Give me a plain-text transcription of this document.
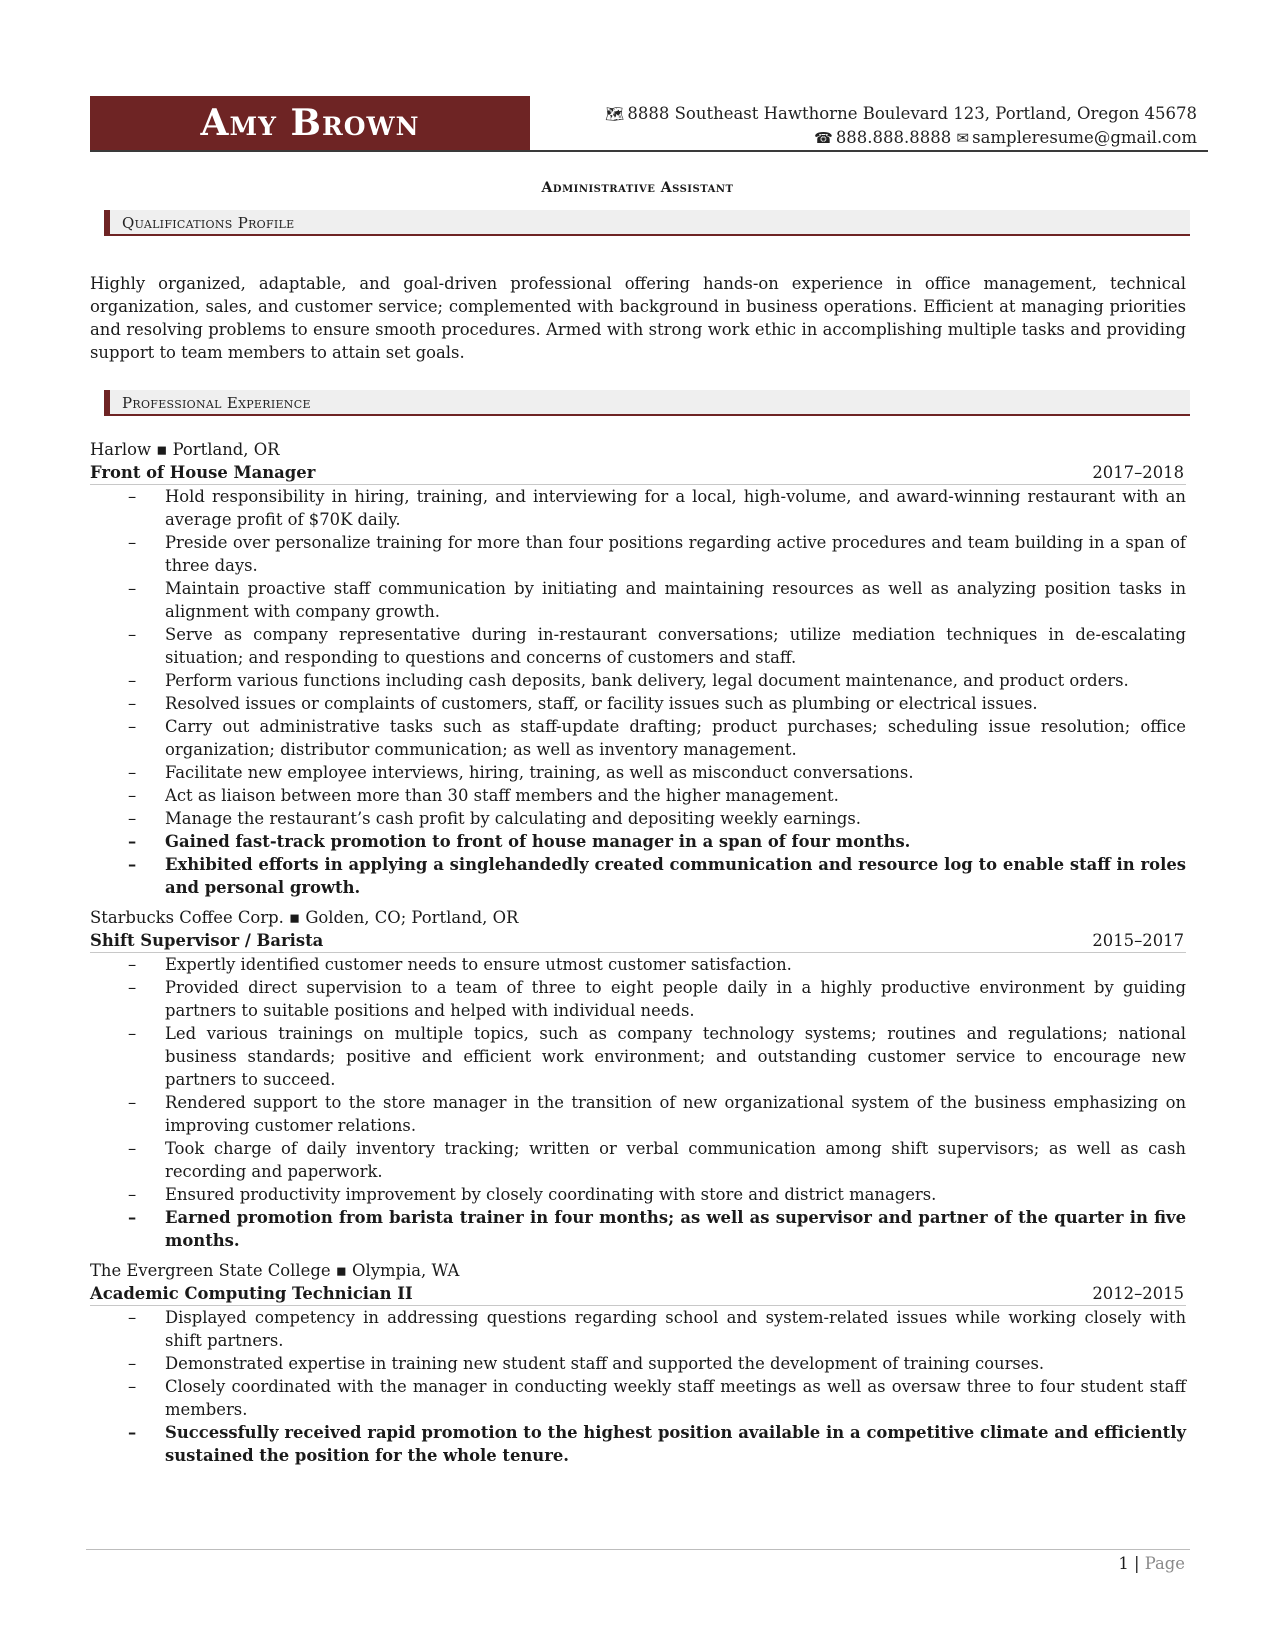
Amy Brown	🗺 8888 Southeast Hawthorne Boulevard 123, Portland, Oregon 45678
☎ 888.888.8888 ✉ sampleresume@gmail.com
Administrative Assistant
Qualifications Profile

Highly organized, adaptable, and goal-driven professional offering hands-on experience in office management, technical organization, sales, and customer service; complemented with background in business operations. Efficient at managing priorities and resolving problems to ensure smooth procedures. Armed with strong work ethic in accomplishing multiple tasks and providing support to team members to attain set goals.

Professional Experience
Harlow ▪ Portland, OR
Front of House Manager	2017–2018
– Hold responsibility in hiring, training, and interviewing for a local, high-volume, and award-winning restaurant with an average profit of $70K daily.
– Preside over personalize training for more than four positions regarding active procedures and team building in a span of three days.
– Maintain proactive staff communication by initiating and maintaining resources as well as analyzing position tasks in alignment with company growth.
– Serve as company representative during in-restaurant conversations; utilize mediation techniques in de-escalating situation; and responding to questions and concerns of customers and staff.
– Perform various functions including cash deposits, bank delivery, legal document maintenance, and product orders.
– Resolved issues or complaints of customers, staff, or facility issues such as plumbing or electrical issues.
– Carry out administrative tasks such as staff-update drafting; product purchases; scheduling issue resolution; office organization; distributor communication; as well as inventory management.
– Facilitate new employee interviews, hiring, training, as well as misconduct conversations.
– Act as liaison between more than 30 staff members and the higher management.
– Manage the restaurant’s cash profit by calculating and depositing weekly earnings.
– Gained fast-track promotion to front of house manager in a span of four months.
– Exhibited efforts in applying a singlehandedly created communication and resource log to enable staff in roles and personal growth.
Starbucks Coffee Corp. ▪ Golden, CO; Portland, OR
Shift Supervisor / Barista	2015–2017
– Expertly identified customer needs to ensure utmost customer satisfaction.
– Provided direct supervision to a team of three to eight people daily in a highly productive environment by guiding partners to suitable positions and helped with individual needs.
– Led various trainings on multiple topics, such as company technology systems; routines and regulations; national business standards; positive and efficient work environment; and outstanding customer service to encourage new partners to succeed.
– Rendered support to the store manager in the transition of new organizational system of the business emphasizing on improving customer relations.
– Took charge of daily inventory tracking; written or verbal communication among shift supervisors; as well as cash recording and paperwork.
– Ensured productivity improvement by closely coordinating with store and district managers.
– Earned promotion from barista trainer in four months; as well as supervisor and partner of the quarter in five months.
The Evergreen State College ▪ Olympia, WA
Academic Computing Technician II	2012–2015
– Displayed competency in addressing questions regarding school and system-related issues while working closely with shift partners.
– Demonstrated expertise in training new student staff and supported the development of training courses.
– Closely coordinated with the manager in conducting weekly staff meetings as well as oversaw three to four student staff members.
– Successfully received rapid promotion to the highest position available in a competitive climate and efficiently sustained the position for the whole tenure.
1 | Page
